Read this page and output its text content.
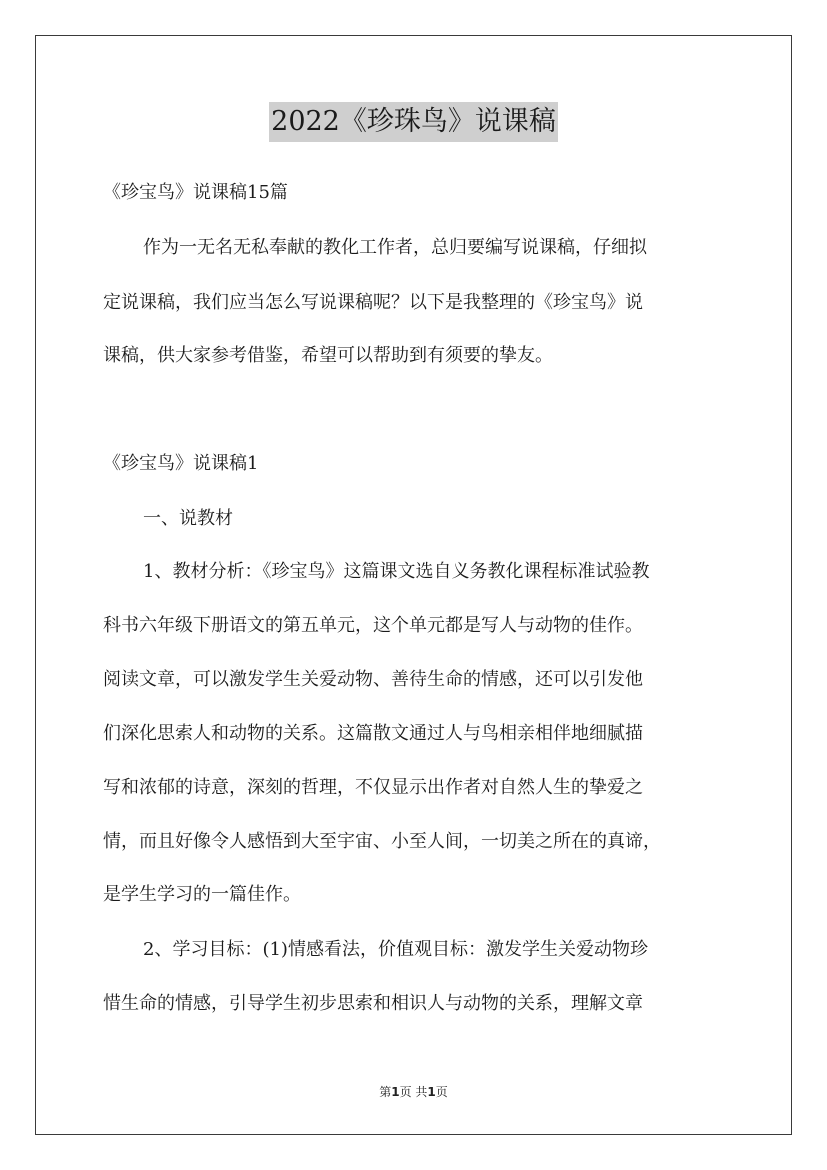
2022《珍珠鸟》说课稿
《珍宝鸟》说课稿15篇
作为一无名无私奉献的教化工作者，总归要编写说课稿，仔细拟
定说课稿，我们应当怎么写说课稿呢？以下是我整理的《珍宝鸟》说
课稿，供大家参考借鉴，希望可以帮助到有须要的挚友。
《珍宝鸟》说课稿1
一、说教材
1、教材分析：《珍宝鸟》这篇课文选自义务教化课程标准试验教
科书六年级下册语文的第五单元，这个单元都是写人与动物的佳作。
阅读文章，可以激发学生关爱动物、善待生命的情感，还可以引发他
们深化思索人和动物的关系。这篇散文通过人与鸟相亲相伴地细腻描
写和浓郁的诗意，深刻的哲理，不仅显示出作者对自然人生的挚爱之
情，而且好像令人感悟到大至宇宙、小至人间，一切美之所在的真谛，
是学生学习的一篇佳作。
2、学习目标：(1)情感看法，价值观目标：激发学生关爱动物珍
惜生命的情感，引导学生初步思索和相识人与动物的关系，理解文章
第1页 共1页
